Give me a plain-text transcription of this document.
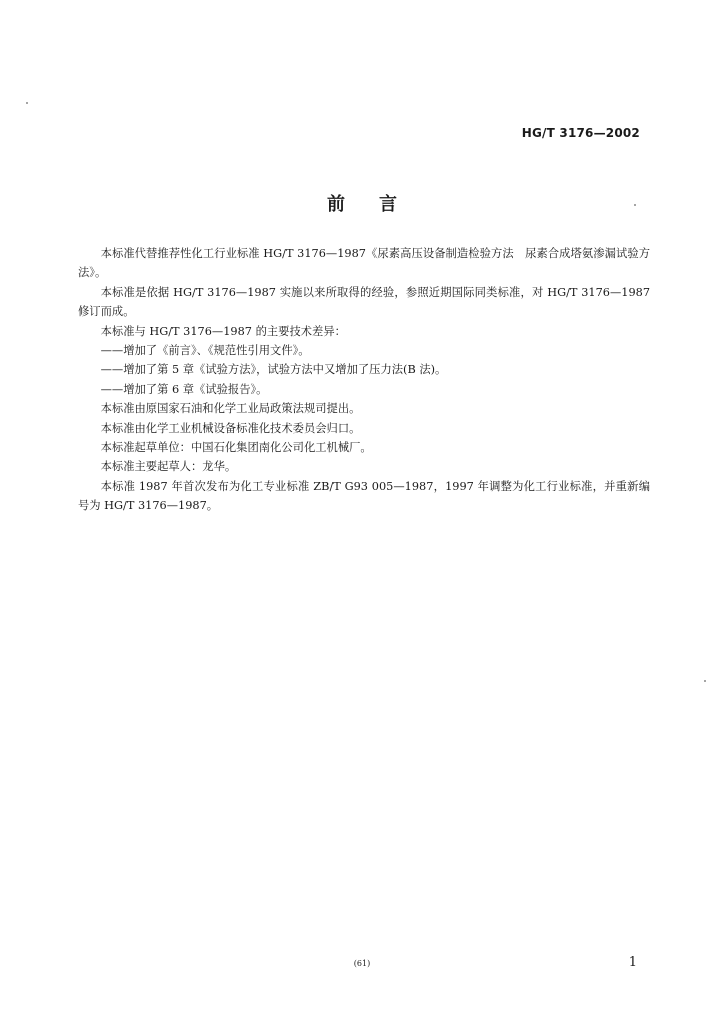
HG/T 3176—2002
前言

本标准代替推荐性化工行业标准 HG/T 3176—1987《尿素高压设备制造检验方法　尿素合成塔氨渗漏试验方法》。

本标准是依据 HG/T 3176—1987 实施以来所取得的经验，参照近期国际同类标准，对 HG/T 3176—1987 修订而成。

本标准与 HG/T 3176—1987 的主要技术差异：

——增加了《前言》、《规范性引用文件》。

——增加了第 5 章《试验方法》，试验方法中又增加了压力法(B 法)。

——增加了第 6 章《试验报告》。

本标准由原国家石油和化学工业局政策法规司提出。

本标准由化学工业机械设备标准化技术委员会归口。

本标准起草单位：中国石化集团南化公司化工机械厂。

本标准主要起草人：龙华。

本标准 1987 年首次发布为化工专业标准 ZB/T G93 005—1987，1997 年调整为化工行业标准，并重新编号为 HG/T 3176—1987。

(61)	1
